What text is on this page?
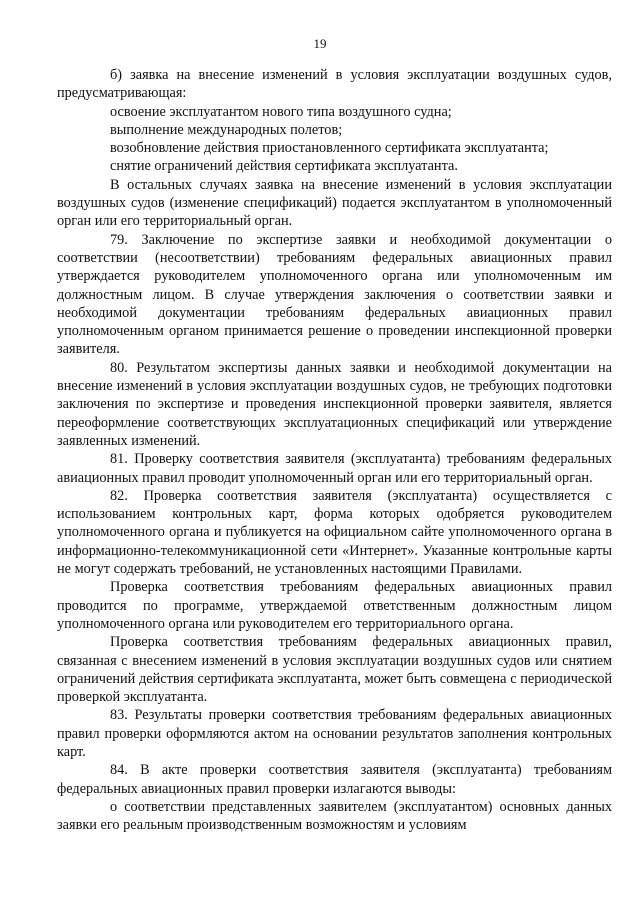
19

б) заявка на внесение изменений в условия эксплуатации воздушных судов, предусматривающая:

освоение эксплуатантом нового типа воздушного судна;

выполнение международных полетов;

возобновление действия приостановленного сертификата эксплуатанта;

снятие ограничений действия сертификата эксплуатанта.

В остальных случаях заявка на внесение изменений в условия эксплуатации воздушных судов (изменение спецификаций) подается эксплуатантом в уполномоченный орган или его территориальный орган.

79. Заключение по экспертизе заявки и необходимой документации о соответствии (несоответствии) требованиям федеральных авиационных правил утверждается руководителем уполномоченного органа или уполномоченным им должностным лицом. В случае утверждения заключения о соответствии заявки и необходимой документации требованиям федеральных авиационных правил уполномоченным органом принимается решение о проведении инспекционной проверки заявителя.

80. Результатом экспертизы данных заявки и необходимой документации на внесение изменений в условия эксплуатации воздушных судов, не требующих подготовки заключения по экспертизе и проведения инспекционной проверки заявителя, является переоформление соответствующих эксплуатационных спецификаций или утверждение заявленных изменений.

81. Проверку соответствия заявителя (эксплуатанта) требованиям федеральных авиационных правил проводит уполномоченный орган или его территориальный орган.

82. Проверка соответствия заявителя (эксплуатанта) осуществляется с использованием контрольных карт, форма которых одобряется руководителем уполномоченного органа и публикуется на официальном сайте уполномоченного органа в информационно-телекоммуникационной сети «Интернет». Указанные контрольные карты не могут содержать требований, не установленных настоящими Правилами.

Проверка соответствия требованиям федеральных авиационных правил проводится по программе, утверждаемой ответственным должностным лицом уполномоченного органа или руководителем его территориального органа.

Проверка соответствия требованиям федеральных авиационных правил, связанная с внесением изменений в условия эксплуатации воздушных судов или снятием ограничений действия сертификата эксплуатанта, может быть совмещена с периодической проверкой эксплуатанта.

83. Результаты проверки соответствия требованиям федеральных авиационных правил проверки оформляются актом на основании результатов заполнения контрольных карт.

84. В акте проверки соответствия заявителя (эксплуатанта) требованиям федеральных авиационных правил проверки излагаются выводы:

о соответствии представленных заявителем (эксплуатантом) основных данных заявки его реальным производственным возможностям и условиям
